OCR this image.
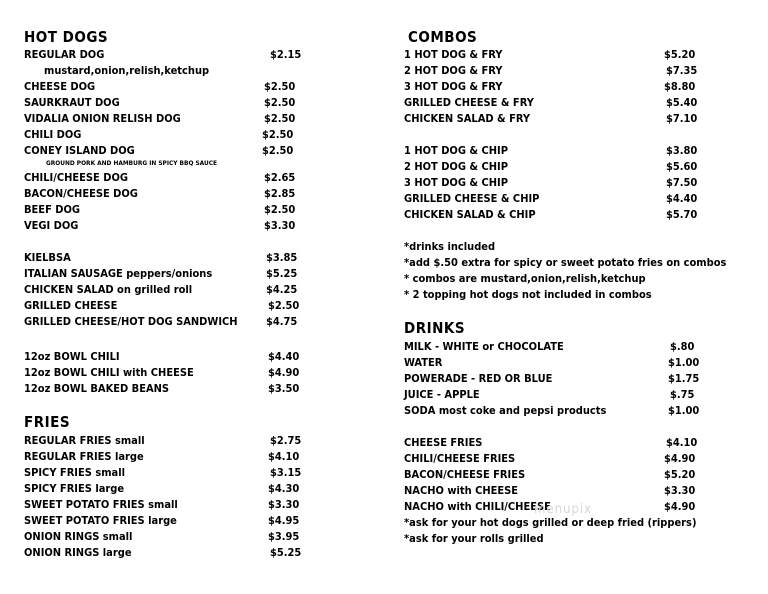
HOT DOGS
REGULAR DOG	$2.15
mustard,onion,relish,ketchup
CHEESE DOG	$2.50
SAURKRAUT DOG	$2.50
VIDALIA ONION RELISH DOG	$2.50
CHILI DOG	$2.50
CONEY ISLAND DOG	$2.50
GROUND PORK AND HAMBURG IN SPICY BBQ SAUCE
CHILI/CHEESE DOG	$2.65
BACON/CHEESE DOG	$2.85
BEEF DOG	$2.50
VEGI DOG	$3.30
KIELBSA	$3.85
ITALIAN SAUSAGE peppers/onions	$5.25
CHICKEN SALAD on grilled roll	$4.25
GRILLED CHEESE	$2.50
GRILLED CHEESE/HOT DOG SANDWICH	$4.75
12oz BOWL CHILI	$4.40
12oz BOWL CHILI with CHEESE	$4.90
12oz BOWL BAKED BEANS	$3.50
FRIES
REGULAR FRIES small	$2.75
REGULAR FRIES large	$4.10
SPICY FRIES small	$3.15
SPICY FRIES large	$4.30
SWEET POTATO FRIES small	$3.30
SWEET POTATO FRIES large	$4.95
ONION RINGS small	$3.95
ONION RINGS large	$5.25
COMBOS
1 HOT DOG & FRY	$5.20
2 HOT DOG & FRY	$7.35
3 HOT DOG & FRY	$8.80
GRILLED CHEESE & FRY	$5.40
CHICKEN SALAD & FRY	$7.10
1 HOT DOG & CHIP	$3.80
2 HOT DOG & CHIP	$5.60
3 HOT DOG & CHIP	$7.50
GRILLED CHEESE & CHIP	$4.40
CHICKEN SALAD & CHIP	$5.70
*drinks included
*add $.50 extra for spicy or sweet potato fries on combos
* combos are mustard,onion,relish,ketchup
* 2 topping hot dogs not included in combos
DRINKS
MILK - WHITE or CHOCOLATE	$.80
WATER	$1.00
POWERADE - RED OR BLUE	$1.75
JUICE - APPLE	$.75
SODA most coke and pepsi products	$1.00
CHEESE FRIES	$4.10
CHILI/CHEESE FRIES	$4.90
BACON/CHEESE FRIES	$5.20
NACHO with CHEESE	$3.30
NACHO with CHILI/CHEESE	$4.90
menupix
*ask for your hot dogs grilled or deep fried (rippers)
*ask for your rolls grilled
